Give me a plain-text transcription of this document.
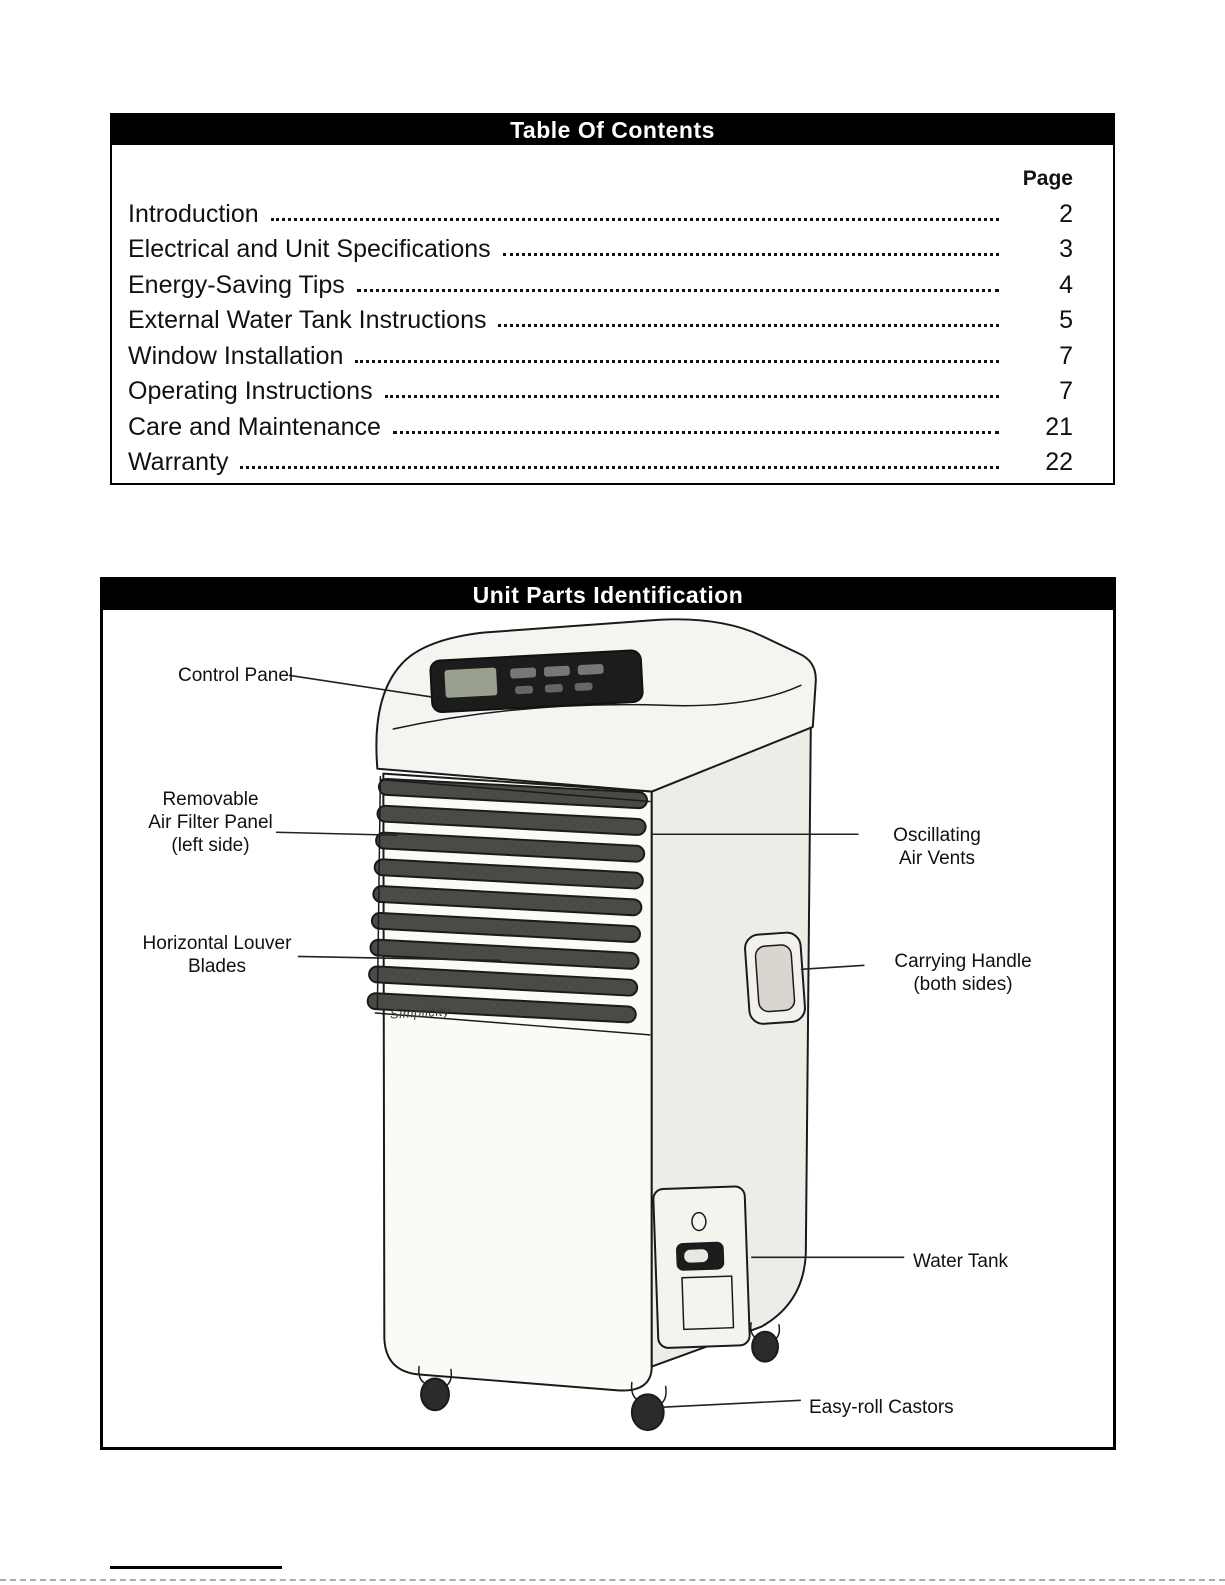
Table Of Contents
Page
Introduction	2
Electrical and Unit Specifications	3
Energy-Saving Tips	4
External Water Tank Instructions	5
Window Installation	7
Operating Instructions	7
Care and Maintenance	21
Warranty	22
Unit Parts Identification
Control Panel
Removable
Air Filter Panel
(left side)
Horizontal Louver
Blades
Oscillating
Air Vents
Carrying Handle
(both sides)
Water Tank
Easy-roll Castors
Simplicity
